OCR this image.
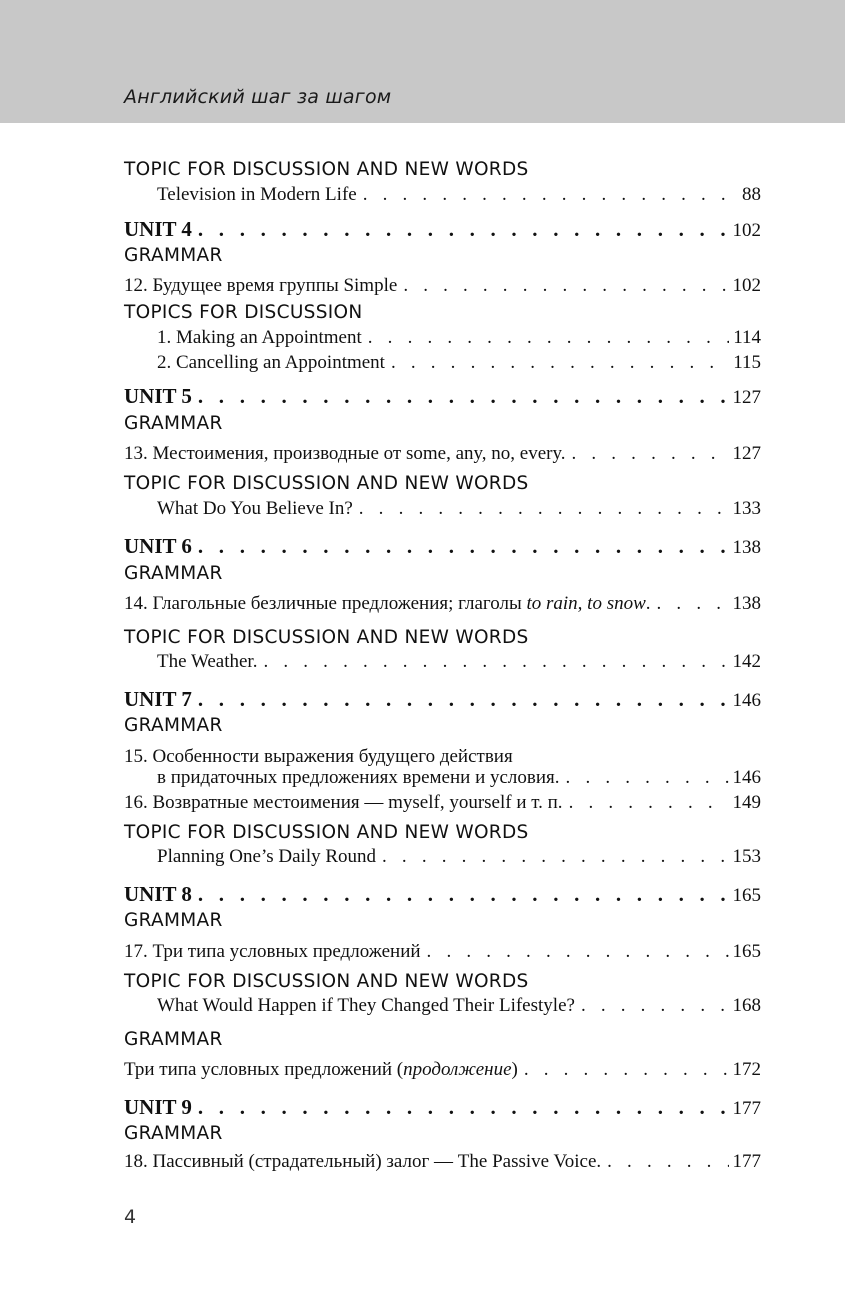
Английский шаг за шагом
TOPIC FOR DISCUSSION AND NEW WORDS
Television in Modern Life . . .	88
UNIT 4 . . .	102
GRAMMAR
12. Будущее время группы Simple . . .	102
TOPICS FOR DISCUSSION
1. Making an Appointment . . .	114
2. Cancelling an Appointment . . .	115
UNIT 5 . . .	127
GRAMMAR
13. Местоимения, производные от some, any, no, every. . . .	127
TOPIC FOR DISCUSSION AND NEW WORDS
What Do You Believe In? . . .	133
UNIT 6 . . .	138
GRAMMAR
14. Глагольные безличные предложения; глаголы to rain, to snow. . . .	138
TOPIC FOR DISCUSSION AND NEW WORDS
The Weather. . . .	142
UNIT 7 . . .	146
GRAMMAR
15. Особенности выражения будущего действия
в придаточных предложениях времени и условия. . . .	146
16. Возвратные местоимения — myself, yourself и т. п. . . .	149
TOPIC FOR DISCUSSION AND NEW WORDS
Planning One’s Daily Round . . .	153
UNIT 8 . . .	165
GRAMMAR
17. Три типа условных предложений . . .	165
TOPIC FOR DISCUSSION AND NEW WORDS
What Would Happen if They Changed Their Lifestyle? . . .	168
GRAMMAR
Три типа условных предложений (продолжение) . . .	172
UNIT 9 . . .	177
GRAMMAR
18. Пассивный (страдательный) залог — The Passive Voice. . . .	177
4
